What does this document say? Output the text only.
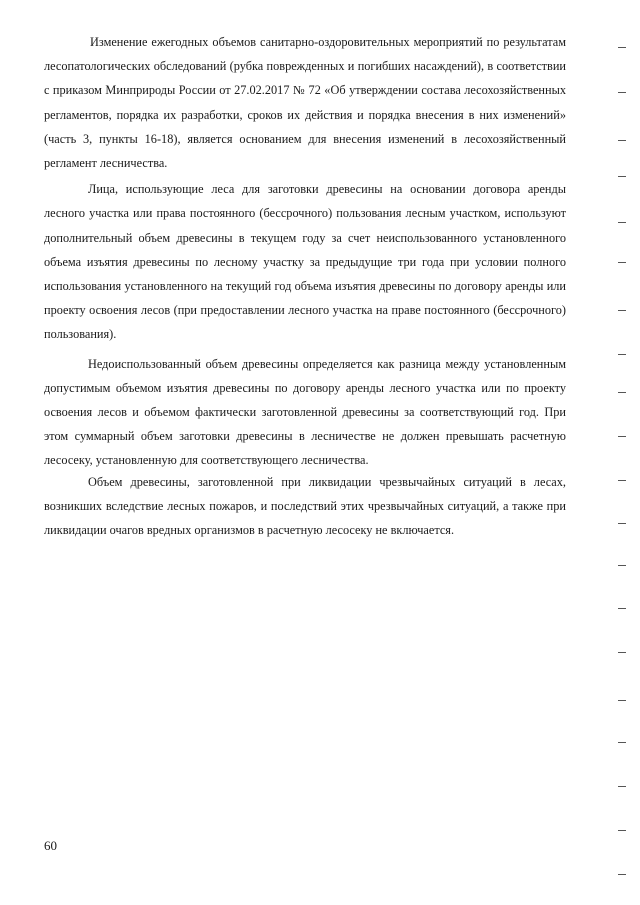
Изменение ежегодных объемов санитарно-оздоровительных мероприятий по результатам лесопатологических обследований (рубка поврежденных и погибших насаждений), в соответствии с приказом Минприроды России от 27.02.2017 № 72 «Об утверждении состава лесохозяйственных регламентов, порядка их разработки, сроков их действия и порядка внесения в них изменений» (часть 3, пункты 16-18), является основанием для внесения изменений в лесохозяйственный регламент лесничества.

Лица, использующие леса для заготовки древесины на основании договора аренды лесного участка или права постоянного (бессрочного) пользования лесным участком, используют дополнительный объем древесины в текущем году за счет неиспользованного установленного объема изъятия древесины по лесному участку за предыдущие три года при условии полного использования установленного на текущий год объема изъятия древесины по договору аренды или проекту освоения лесов (при предоставлении лесного участка на праве постоянного (бессрочного) пользования).

Недоиспользованный объем древесины определяется как разница между установленным допустимым объемом изъятия древесины по договору аренды лесного участка или по проекту освоения лесов и объемом фактически заготовленной древесины за соответствующий год. При этом суммарный объем заготовки древесины в лесничестве не должен превышать расчетную лесосеку, установленную для соответствующего лесничества.

Объем древесины, заготовленной при ликвидации чрезвычайных ситуаций в лесах, возникших вследствие лесных пожаров, и последствий этих чрезвычайных ситуаций, а также при ликвидации очагов вредных организмов в расчетную лесосеку не включается.

60
